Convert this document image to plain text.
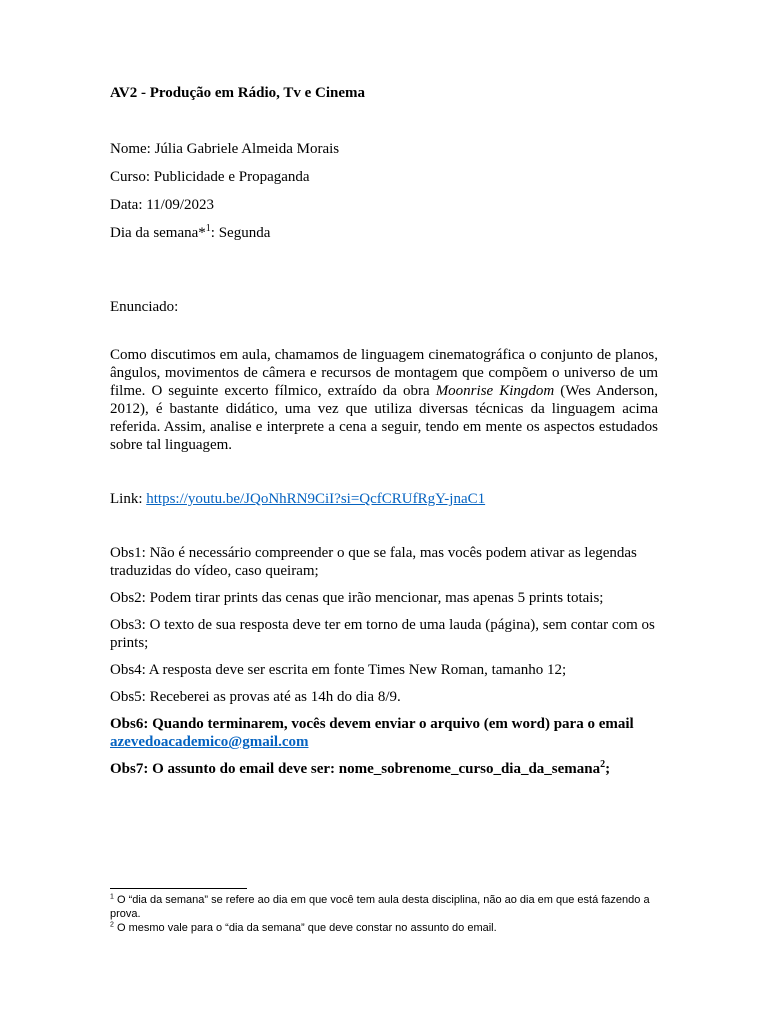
AV2 - Produção em Rádio, Tv e Cinema

Nome: Júlia Gabriele Almeida Morais

Curso: Publicidade e Propaganda

Data: 11/09/2023

Dia da semana*$^1$: Segunda

Enunciado:

Como discutimos em aula, chamamos de linguagem cinematográfica o conjunto de planos, ângulos, movimentos de câmera e recursos de montagem que compõem o universo de um filme. O seguinte excerto fílmico, extraído da obra Moonrise Kingdom (Wes Anderson, 2012), é bastante didático, uma vez que utiliza diversas técnicas da linguagem acima referida. Assim, analise e interprete a cena a seguir, tendo em mente os aspectos estudados sobre tal linguagem.

Link: https://youtu.be/JQoNhRN9CiI?si=QcfCRUfRgY-jnaC1

Obs1: Não é necessário compreender o que se fala, mas vocês podem ativar as legendas traduzidas do vídeo, caso queiram;

Obs2: Podem tirar prints das cenas que irão mencionar, mas apenas 5 prints totais;

Obs3: O texto de sua resposta deve ter em torno de uma lauda (página), sem contar com os prints;

Obs4: A resposta deve ser escrita em fonte Times New Roman, tamanho 12;

Obs5: Receberei as provas até as 14h do dia 8/9.

Obs6: Quando terminarem, vocês devem enviar o arquivo (em word) para o email azevedoacademico@gmail.com

Obs7: O assunto do email deve ser: nome_sobrenome_curso_dia_da_semana$^2$;

$^1$ O “dia da semana” se refere ao dia em que você tem aula desta disciplina, não ao dia em que está fazendo a prova.

$^2$ O mesmo vale para o “dia da semana” que deve constar no assunto do email.
